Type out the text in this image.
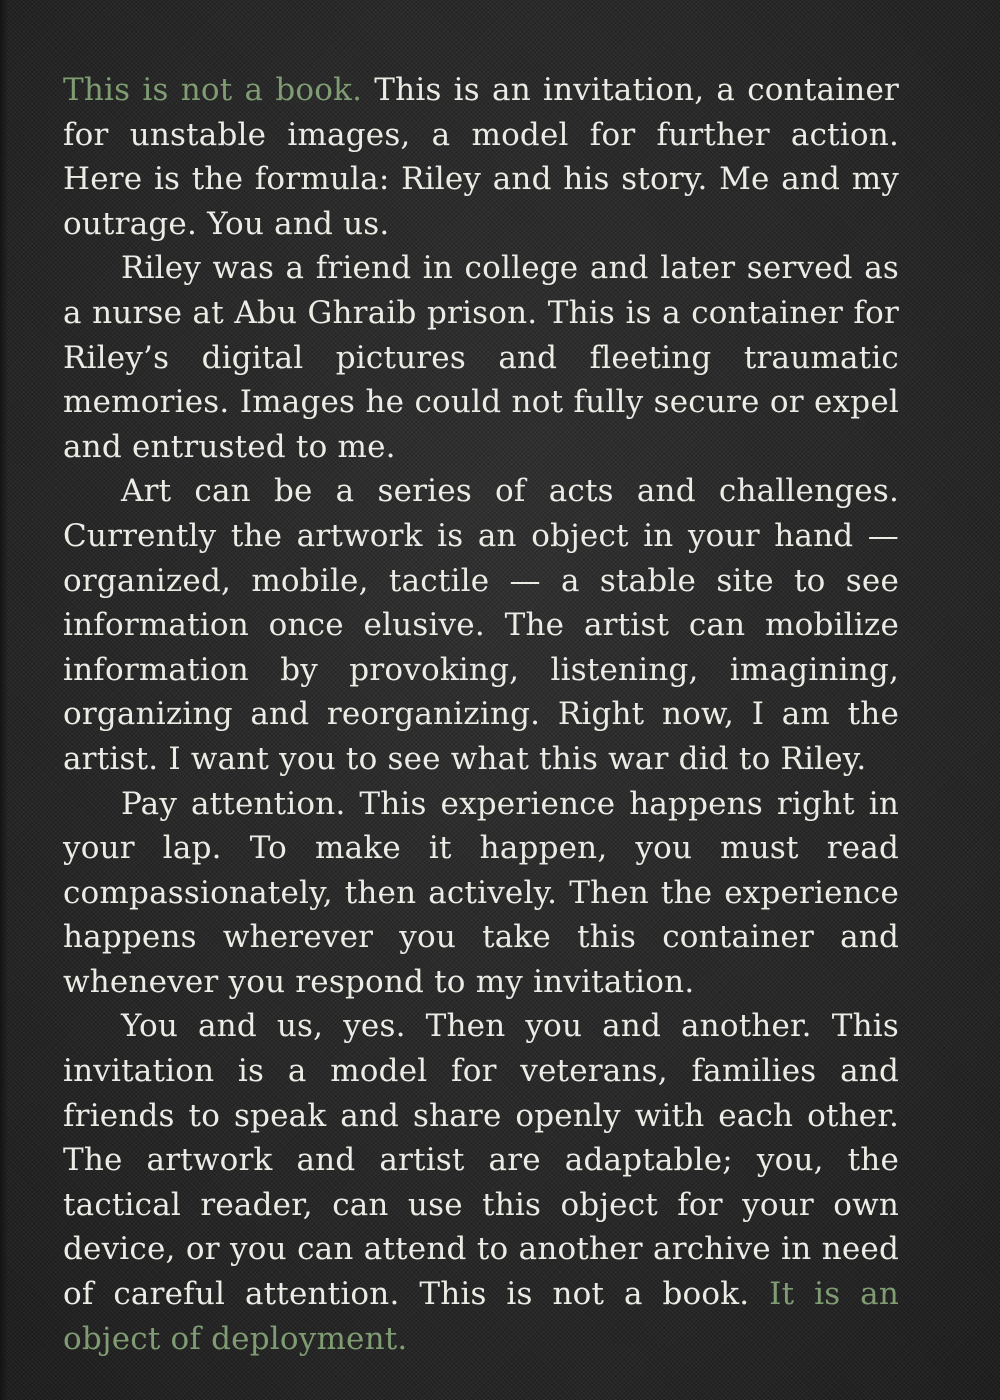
This is not a book. This is an invitation, a container for unstable images, a model for further action. Here is the formula: Riley and his story. Me and my outrage. You and us.

Riley was a friend in college and later served as a nurse at Abu Ghraib prison. This is a container for Riley’s digital pictures and fleeting traumatic memories. Images he could not fully secure or expel and entrusted to me.

Art can be a series of acts and challenges. Currently the artwork is an object in your hand — organized, mobile, tactile — a stable site to see information once elusive. The artist can mobilize information by provoking, listening, imagining, organizing and reorganizing. Right now, I am the artist. I want you to see what this war did to Riley.

Pay attention. This experience happens right in your lap. To make it happen, you must read compassionately, then actively. Then the experience happens wherever you take this container and whenever you respond to my invitation.

You and us, yes. Then you and another. This invitation is a model for veterans, families and friends to speak and share openly with each other. The artwork and artist are adaptable; you, the tactical reader, can use this object for your own device, or you can attend to another archive in need of careful attention. This is not a book. It is an object of deployment.
